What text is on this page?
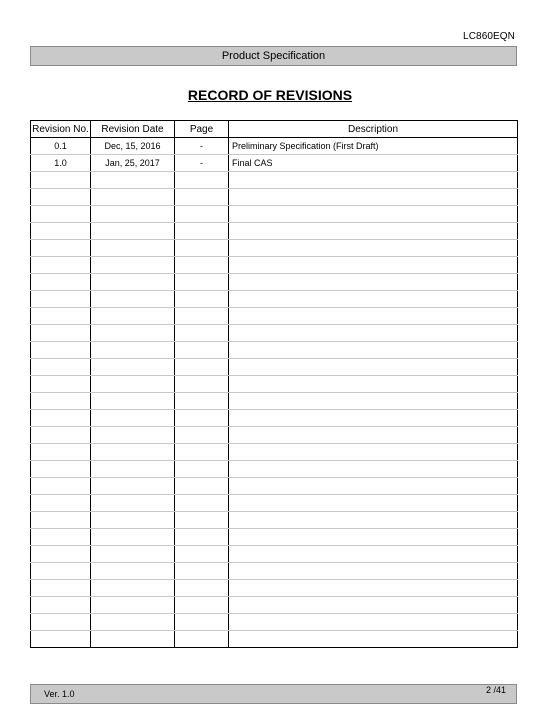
LC860EQN
Product Specification
RECORD OF REVISIONS
Revision No.	Revision Date	Page	Description
0.1	Dec, 15, 2016	-	Preliminary Specification (First Draft)
1.0	Jan, 25, 2017	-	Final CAS

Ver. 1.0	2 /41
